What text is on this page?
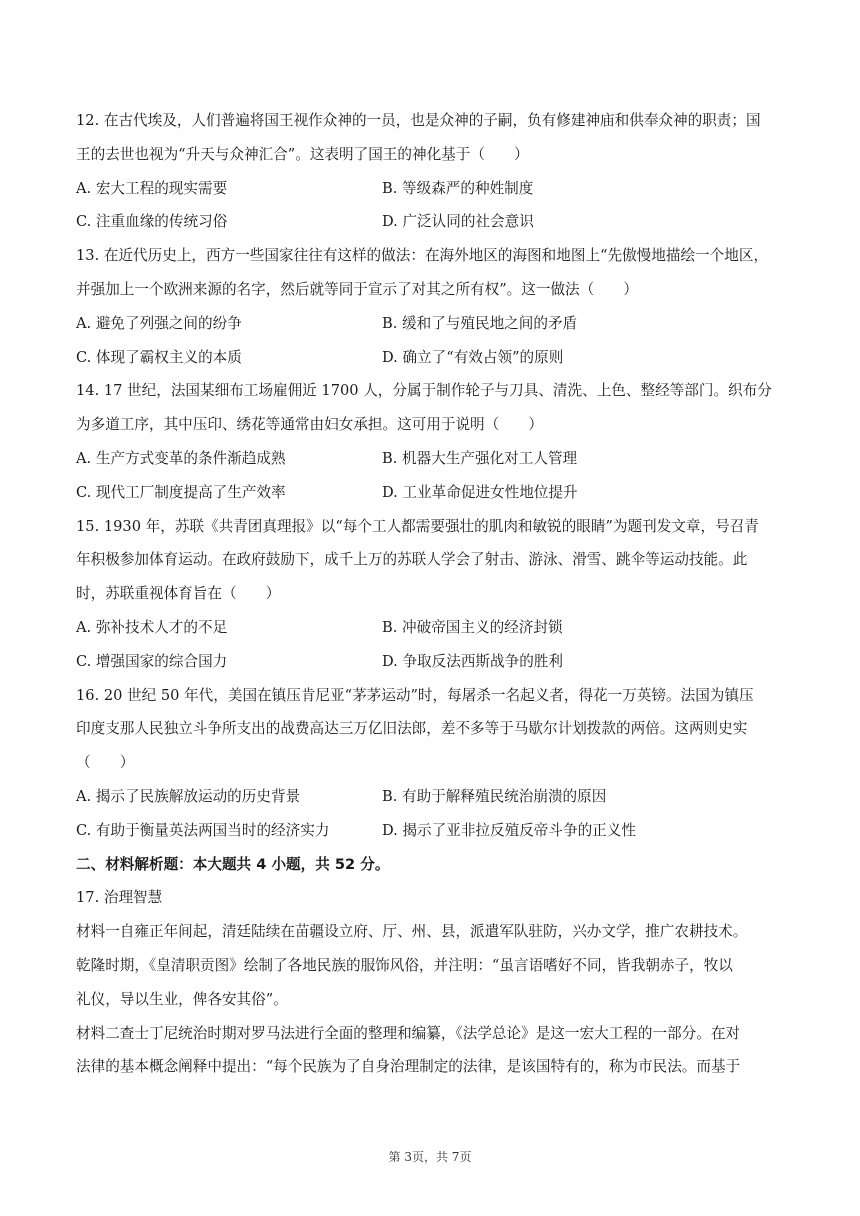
12. 在古代埃及，人们普遍将国王视作众神的一员，也是众神的子嗣，负有修建神庙和供奉众神的职责；国
王的去世也视为“升天与众神汇合”。这表明了国王的神化基于（　　）
A. 宏大工程的现实需要	B. 等级森严的种姓制度
C. 注重血缘的传统习俗	D. 广泛认同的社会意识
13. 在近代历史上，西方一些国家往往有这样的做法：在海外地区的海图和地图上“先傲慢地描绘一个地区，
并强加上一个欧洲来源的名字，然后就等同于宣示了对其之所有权”。这一做法（　　）
A. 避免了列强之间的纷争	B. 缓和了与殖民地之间的矛盾
C. 体现了霸权主义的本质	D. 确立了“有效占领”的原则
14. 17 世纪，法国某细布工场雇佣近 1700 人，分属于制作轮子与刀具、清洗、上色、整经等部门。织布分
为多道工序，其中压印、绣花等通常由妇女承担。这可用于说明（　　）
A. 生产方式变革的条件渐趋成熟	B. 机器大生产强化对工人管理
C. 现代工厂制度提高了生产效率	D. 工业革命促进女性地位提升
15. 1930 年，苏联《共青团真理报》以“每个工人都需要强壮的肌肉和敏锐的眼睛”为题刊发文章，号召青
年积极参加体育运动。在政府鼓励下，成千上万的苏联人学会了射击、游泳、滑雪、跳伞等运动技能。此
时，苏联重视体育旨在（　　）
A. 弥补技术人才的不足	B. 冲破帝国主义的经济封锁
C. 增强国家的综合国力	D. 争取反法西斯战争的胜利
16. 20 世纪 50 年代，美国在镇压肯尼亚“茅茅运动”时，每屠杀一名起义者，得花一万英镑。法国为镇压
印度支那人民独立斗争所支出的战费高达三万亿旧法郎，差不多等于马歇尔计划拨款的两倍。这两则史实
（　　）
A. 揭示了民族解放运动的历史背景	B. 有助于解释殖民统治崩溃的原因
C. 有助于衡量英法两国当时的经济实力	D. 揭示了亚非拉反殖反帝斗争的正义性
二、材料解析题：本大题共 4 小题，共 52 分。
17. 治理智慧
材料一自雍正年间起，清廷陆续在苗疆设立府、厅、州、县，派遣军队驻防，兴办文学，推广农耕技术。
乾隆时期，《皇清职贡图》绘制了各地民族的服饰风俗，并注明：“虽言语嗜好不同，皆我朝赤子，牧以
礼仪，导以生业，俾各安其俗”。
材料二查士丁尼统治时期对罗马法进行全面的整理和编纂，《法学总论》是这一宏大工程的一部分。在对
法律的基本概念阐释中提出：“每个民族为了自身治理制定的法律，是该国特有的，称为市民法。而基于
第 3页，共 7页
